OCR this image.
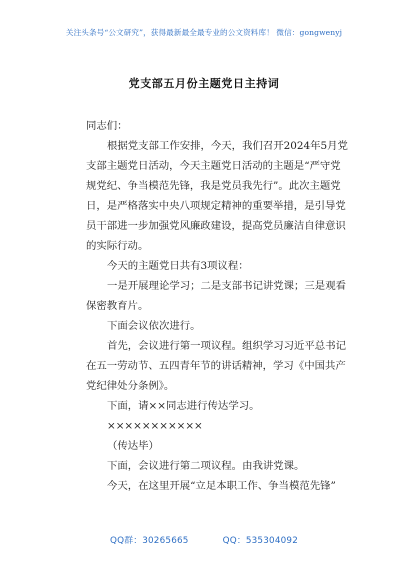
关注头条号“公文研究”，获得最新最全最专业的公文资料库！ 微信：gongwenyj
党支部五月份主题党日主持词
同志们：
根据党支部工作安排，今天，我们召开2024年5月党
支部主题党日活动，今天主题党日活动的主题是“严守党
规党纪、争当模范先锋，我是党员我先行”。此次主题党
日，是严格落实中央八项规定精神的重要举措，是引导党
员干部进一步加强党风廉政建设，提高党员廉洁自律意识
的实际行动。
今天的主题党日共有3项议程：
一是开展理论学习；二是支部书记讲党课；三是观看
保密教育片。
下面会议依次进行。
首先，会议进行第一项议程。组织学习习近平总书记
在五一劳动节、五四青年节的讲话精神，学习《中国共产
党纪律处分条例》。
下面，请××同志进行传达学习。
×××××××××××
（传达毕）
下面，会议进行第二项议程。由我讲党课。
今天，在这里开展“立足本职工作、争当模范先锋”
QQ群：30265665	QQ：535304092
